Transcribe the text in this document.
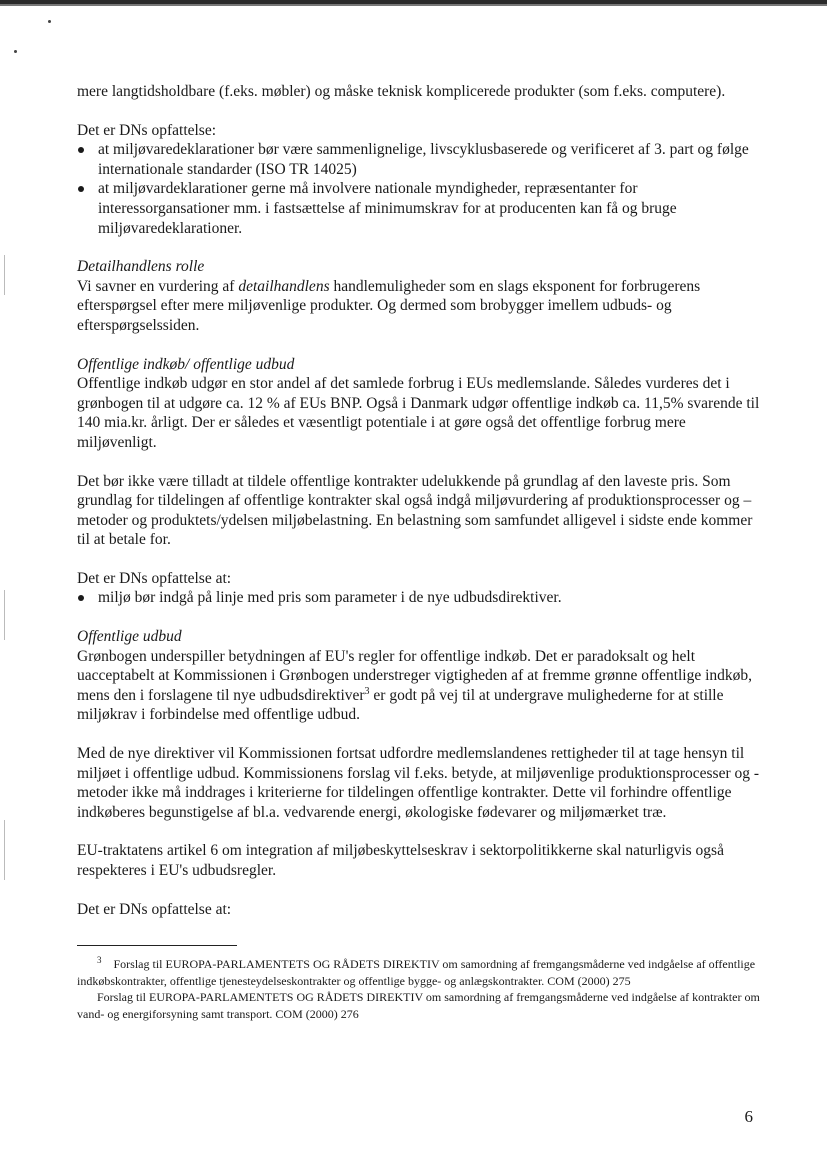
mere langtidsholdbare (f.eks. møbler) og måske teknisk komplicerede produkter (som f.eks. computere).

Det er DNs opfattelse:

at miljøvaredeklarationer bør være sammenlignelige, livscyklusbaserede og verificeret af 3. part og følge internationale standarder (ISO TR 14025)
at miljøvardeklarationer gerne må involvere nationale myndigheder, repræsentanter for interessorgansationer mm. i fastsættelse af minimumskrav for at producenten kan få og bruge miljøvaredeklarationer.

Detailhandlens rolle

Vi savner en vurdering af detailhandlens handlemuligheder som en slags eksponent for forbrugerens efterspørgsel efter mere miljøvenlige produkter. Og dermed som brobygger imellem udbuds- og efterspørgselssiden.

Offentlige indkøb/ offentlige udbud

Offentlige indkøb udgør en stor andel af det samlede forbrug i EUs medlemslande. Således vurderes det i grønbogen til at udgøre ca. 12 % af EUs BNP. Også i Danmark udgør offentlige indkøb ca. 11,5% svarende til 140 mia.kr. årligt. Der er således et væsentligt potentiale i at gøre også det offentlige forbrug mere miljøvenligt.

Det bør ikke være tilladt at tildele offentlige kontrakter udelukkende på grundlag af den laveste pris. Som grundlag for tildelingen af offentlige kontrakter skal også indgå miljøvurdering af produktionsprocesser og –metoder og produktets/ydelsen miljøbelastning. En belastning som samfundet alligevel i sidste ende kommer til at betale for.

Det er DNs opfattelse at:

miljø bør indgå på linje med pris som parameter i de nye udbudsdirektiver.

Offentlige udbud

Grønbogen underspiller betydningen af EU's regler for offentlige indkøb. Det er paradoksalt og helt uacceptabelt at Kommissionen i Grønbogen understreger vigtigheden af at fremme grønne offentlige indkøb, mens den i forslagene til nye udbudsdirektiver$^3$ er godt på vej til at undergrave mulighederne for at stille miljøkrav i forbindelse med offentlige udbud.

Med de nye direktiver vil Kommissionen fortsat udfordre medlemslandenes rettigheder til at tage hensyn til miljøet i offentlige udbud. Kommissionens forslag vil f.eks. betyde, at miljøvenlige produktionsprocesser og -metoder ikke må inddrages i kriterierne for tildelingen offentlige kontrakter. Dette vil forhindre offentlige indkøberes begunstigelse af bl.a. vedvarende energi, økologiske fødevarer og miljømærket træ.

EU-traktatens artikel 6 om integration af miljøbeskyttelseskrav i sektorpolitikkerne skal naturligvis også respekteres i EU's udbudsregler.

Det er DNs opfattelse at:

$^3$ Forslag til EUROPA-PARLAMENTETS OG RÅDETS DIREKTIV om samordning af fremgangsmåderne ved indgåelse af offentlige indkøbskontrakter, offentlige tjenesteydelseskontrakter og offentlige bygge- og anlægskontrakter. COM (2000) 275

Forslag til EUROPA-PARLAMENTETS OG RÅDETS DIREKTIV om samordning af fremgangsmåderne ved indgåelse af kontrakter om vand- og energiforsyning samt transport. COM (2000) 276

6
